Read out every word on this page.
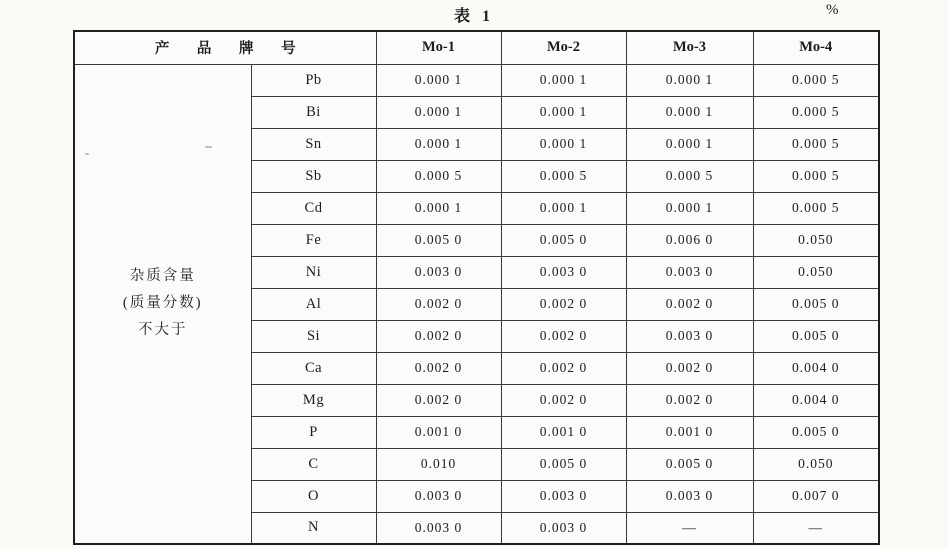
表 1	%
产 品 牌 号		Mo-1	Mo-2	Mo-3	Mo-4

杂质含量
(质量分数)
不大于	Pb	0.000 1	0.000 1	0.000 1	0.000 5
	Bi	0.000 1	0.000 1	0.000 1	0.000 5
	Sn	0.000 1	0.000 1	0.000 1	0.000 5
	Sb	0.000 5	0.000 5	0.000 5	0.000 5
	Cd	0.000 1	0.000 1	0.000 1	0.000 5
	Fe	0.005 0	0.005 0	0.006 0	0.050
	Ni	0.003 0	0.003 0	0.003 0	0.050
	Al	0.002 0	0.002 0	0.002 0	0.005 0
	Si	0.002 0	0.002 0	0.003 0	0.005 0
	Ca	0.002 0	0.002 0	0.002 0	0.004 0
	Mg	0.002 0	0.002 0	0.002 0	0.004 0
	P	0.001 0	0.001 0	0.001 0	0.005 0
	C	0.010	0.005 0	0.005 0	0.050
	O	0.003 0	0.003 0	0.003 0	0.007 0
	N	0.003 0	0.003 0	—	—
